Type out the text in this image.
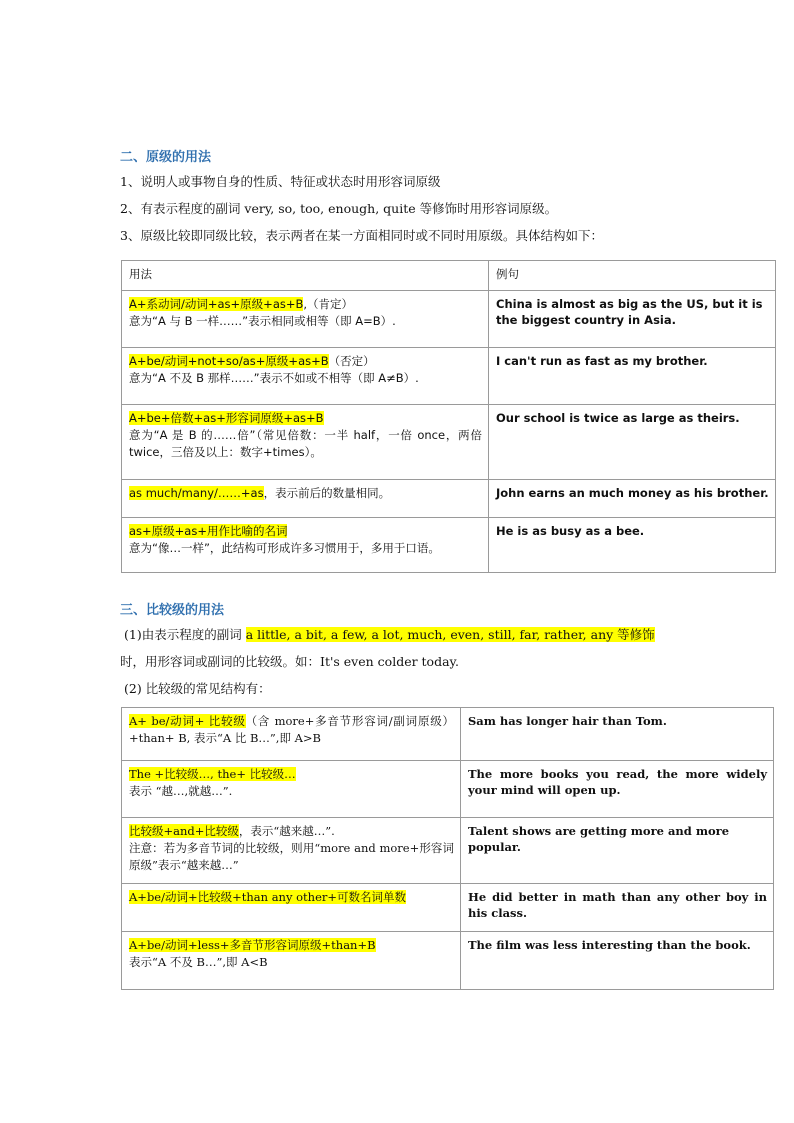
二、原级的用法
1、说明人或事物自身的性质、特征或状态时用形容词原级
2、有表示程度的副词 very, so, too, enough, quite 等修饰时用形容词原级。
3、原级比较即同级比较，表示两者在某一方面相同时或不同时用原级。具体结构如下：
用法	例句
A+系动词/动词+as+原级+as+B,（肯定）
意为“A 与 B 一样……”表示相同或相等（即 A=B）.	China is almost as big as the US, but it is the biggest country in Asia.
A+be/动词+not+so/as+原级+as+B（否定）
意为“A 不及 B 那样……”表示不如或不相等（即 A≠B）.	I can't run as fast as my brother.
A+be+倍数+as+形容词原级+as+B
意为“A 是 B 的……倍”（常见倍数：一半 half，一倍 once，两倍 twice，三倍及以上：数字+times）。	Our school is twice as large as theirs.
as much/many/……+as，表示前后的数量相同。	John earns an much money as his brother.
as+原级+as+用作比喻的名词
意为“像…一样”，此结构可形成许多习惯用于，多用于口语。	He is as busy as a bee.
三、比较级的用法
(1)由表示程度的副词 a little, a bit, a few, a lot, much, even, still, far, rather, any 等修饰
时，用形容词或副词的比较级。如：It's even colder today.
(2) 比较级的常见结构有：
A+ be/动词+ 比较级（含 more+多音节形容词/副词原级）+than+ B, 表示“A 比 B…”,即 A>B	Sam has longer hair than Tom.
The +比较级…, the+ 比较级…
表示 “越…,就越…”.	The more books you read, the more widely your mind will open up.
比较级+and+比较级，表示“越来越…”.
注意：若为多音节词的比较级，则用“more and more+形容词原级”表示“越来越…”	Talent shows are getting more and more popular.
A+be/动词+比较级+than any other+可数名词单数	He did better in math than any other boy in his class.
A+be/动词+less+多音节形容词原级+than+B
表示“A 不及 B…”,即 A<B	The film was less interesting than the book.
